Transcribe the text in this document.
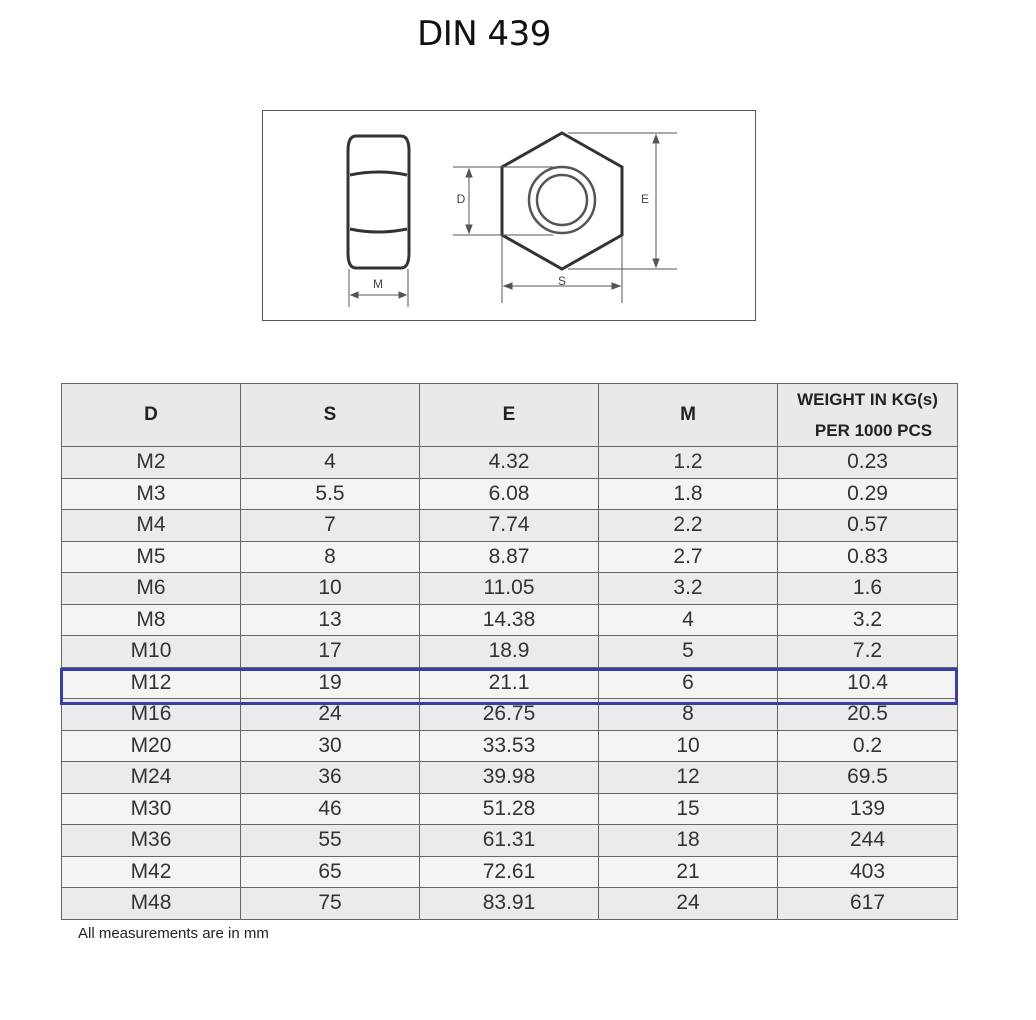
DIN 439
M
D	E
S
D	S	E	M	WEIGHT IN KG(s)
PER 1000 PCS

M2	4	4.32	1.2	0.23
M3	5.5	6.08	1.8	0.29
M4	7	7.74	2.2	0.57
M5	8	8.87	2.7	0.83
M6	10	11.05	3.2	1.6
M8	13	14.38	4	3.2
M10	17	18.9	5	7.2
M12	19	21.1	6	10.4
M16	24	26.75	8	20.5
M20	30	33.53	10	0.2
M24	36	39.98	12	69.5
M30	46	51.28	15	139
M36	55	61.31	18	244
M42	65	72.61	21	403
M48	75	83.91	24	617
All measurements are in mm
